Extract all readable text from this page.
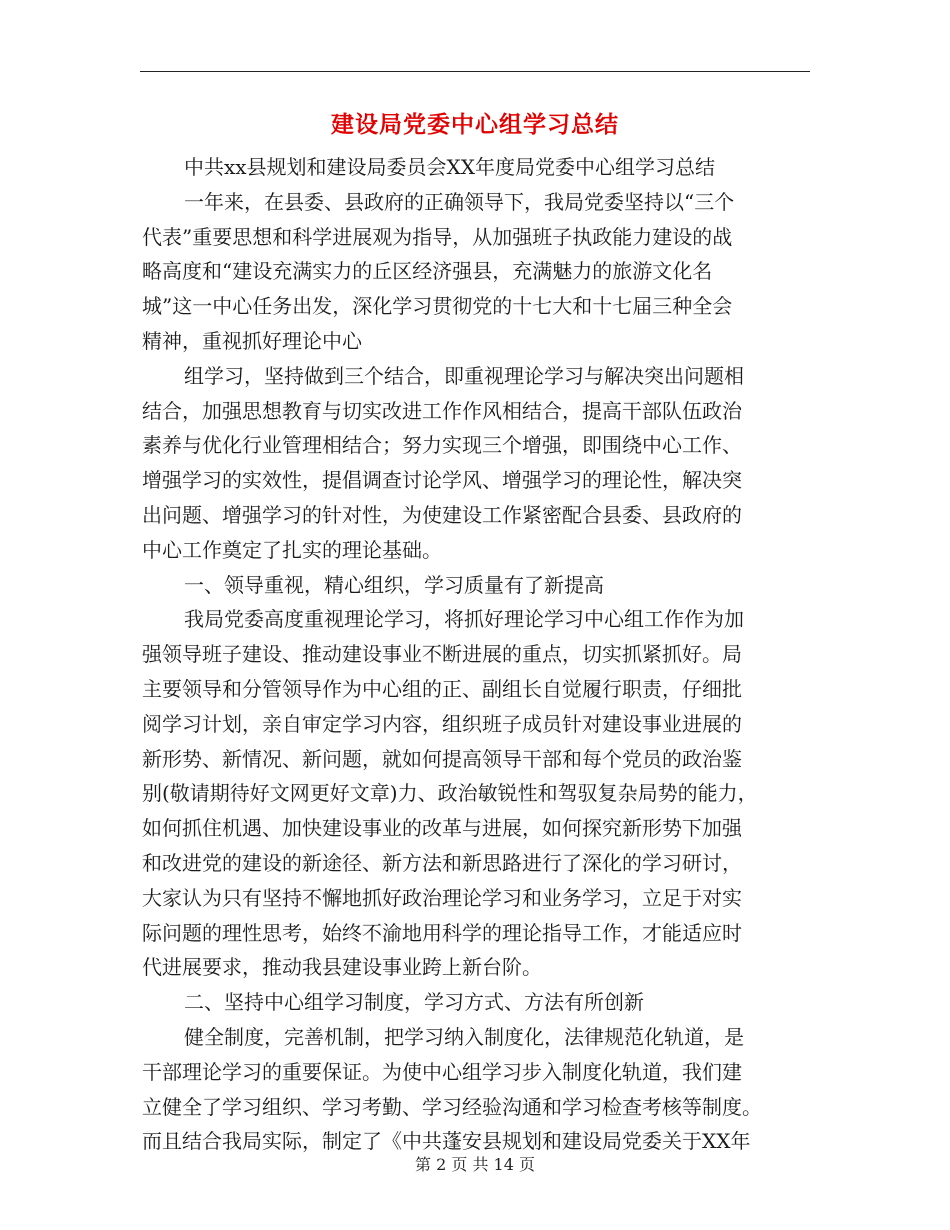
建设局党委中心组学习总结
中共xx县规划和建设局委员会XX年度局党委中心组学习总结
一年来，在县委、县政府的正确领导下，我局党委坚持以“三个
代表”重要思想和科学进展观为指导，从加强班子执政能力建设的战
略高度和“建设充满实力的丘区经济强县，充满魅力的旅游文化名
城”这一中心任务出发，深化学习贯彻党的十七大和十七届三种全会
精神，重视抓好理论中心
组学习，坚持做到三个结合，即重视理论学习与解决突出问题相
结合，加强思想教育与切实改进工作作风相结合，提高干部队伍政治
素养与优化行业管理相结合；努力实现三个增强，即围绕中心工作、
增强学习的实效性，提倡调查讨论学风、增强学习的理论性，解决突
出问题、增强学习的针对性，为使建设工作紧密配合县委、县政府的
中心工作奠定了扎实的理论基础。
一、领导重视，精心组织，学习质量有了新提高
我局党委高度重视理论学习，将抓好理论学习中心组工作作为加
强领导班子建设、推动建设事业不断进展的重点，切实抓紧抓好。局
主要领导和分管领导作为中心组的正、副组长自觉履行职责，仔细批
阅学习计划，亲自审定学习内容，组织班子成员针对建设事业进展的
新形势、新情况、新问题，就如何提高领导干部和每个党员的政治鉴
别(敬请期待好文网更好文章)力、政治敏锐性和驾驭复杂局势的能力，
如何抓住机遇、加快建设事业的改革与进展，如何探究新形势下加强
和改进党的建设的新途径、新方法和新思路进行了深化的学习研讨，
大家认为只有坚持不懈地抓好政治理论学习和业务学习，立足于对实
际问题的理性思考，始终不渝地用科学的理论指导工作，才能适应时
代进展要求，推动我县建设事业跨上新台阶。
二、坚持中心组学习制度，学习方式、方法有所创新
健全制度，完善机制，把学习纳入制度化，法律规范化轨道，是
干部理论学习的重要保证。为使中心组学习步入制度化轨道，我们建
立健全了学习组织、学习考勤、学习经验沟通和学习检查考核等制度。
而且结合我局实际，制定了《中共蓬安县规划和建设局党委关于XX年
第 2 页 共 14 页
